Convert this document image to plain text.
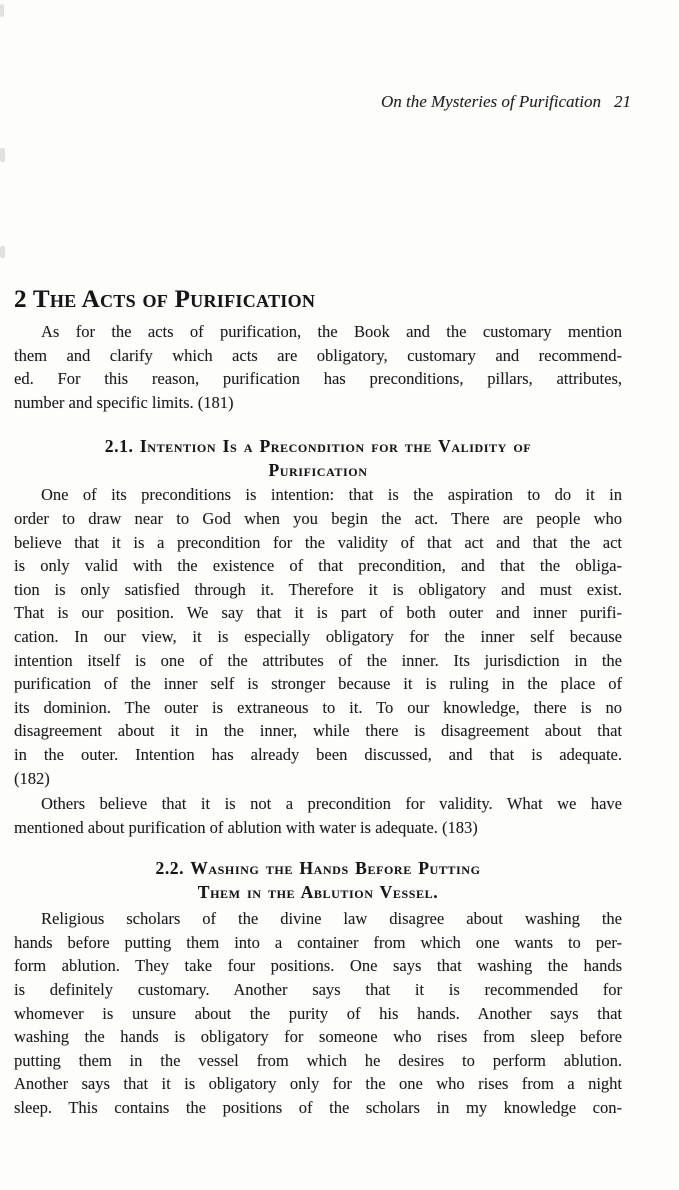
On the Mysteries of Purification 21
2 The Acts of Purification
As for the acts of purification, the Book and the customary mention
them and clarify which acts are obligatory, customary and recommend-
ed. For this reason, purification has preconditions, pillars, attributes,
number and specific limits. (181)
2.1. Intention Is a Precondition for the Validity of
Purification
One of its preconditions is intention: that is the aspiration to do it in
order to draw near to God when you begin the act. There are people who
believe that it is a precondition for the validity of that act and that the act
is only valid with the existence of that precondition, and that the obliga-
tion is only satisfied through it. Therefore it is obligatory and must exist.
That is our position. We say that it is part of both outer and inner purifi-
cation. In our view, it is especially obligatory for the inner self because
intention itself is one of the attributes of the inner. Its jurisdiction in the
purification of the inner self is stronger because it is ruling in the place of
its dominion. The outer is extraneous to it. To our knowledge, there is no
disagreement about it in the inner, while there is disagreement about that
in the outer. Intention has already been discussed, and that is adequate.
(182)
Others believe that it is not a precondition for validity. What we have
mentioned about purification of ablution with water is adequate. (183)
2.2. Washing the Hands Before Putting
Them in the Ablution Vessel.
Religious scholars of the divine law disagree about washing the
hands before putting them into a container from which one wants to per-
form ablution. They take four positions. One says that washing the hands
is definitely customary. Another says that it is recommended for
whomever is unsure about the purity of his hands. Another says that
washing the hands is obligatory for someone who rises from sleep before
putting them in the vessel from which he desires to perform ablution.
Another says that it is obligatory only for the one who rises from a night
sleep. This contains the positions of the scholars in my knowledge con-
